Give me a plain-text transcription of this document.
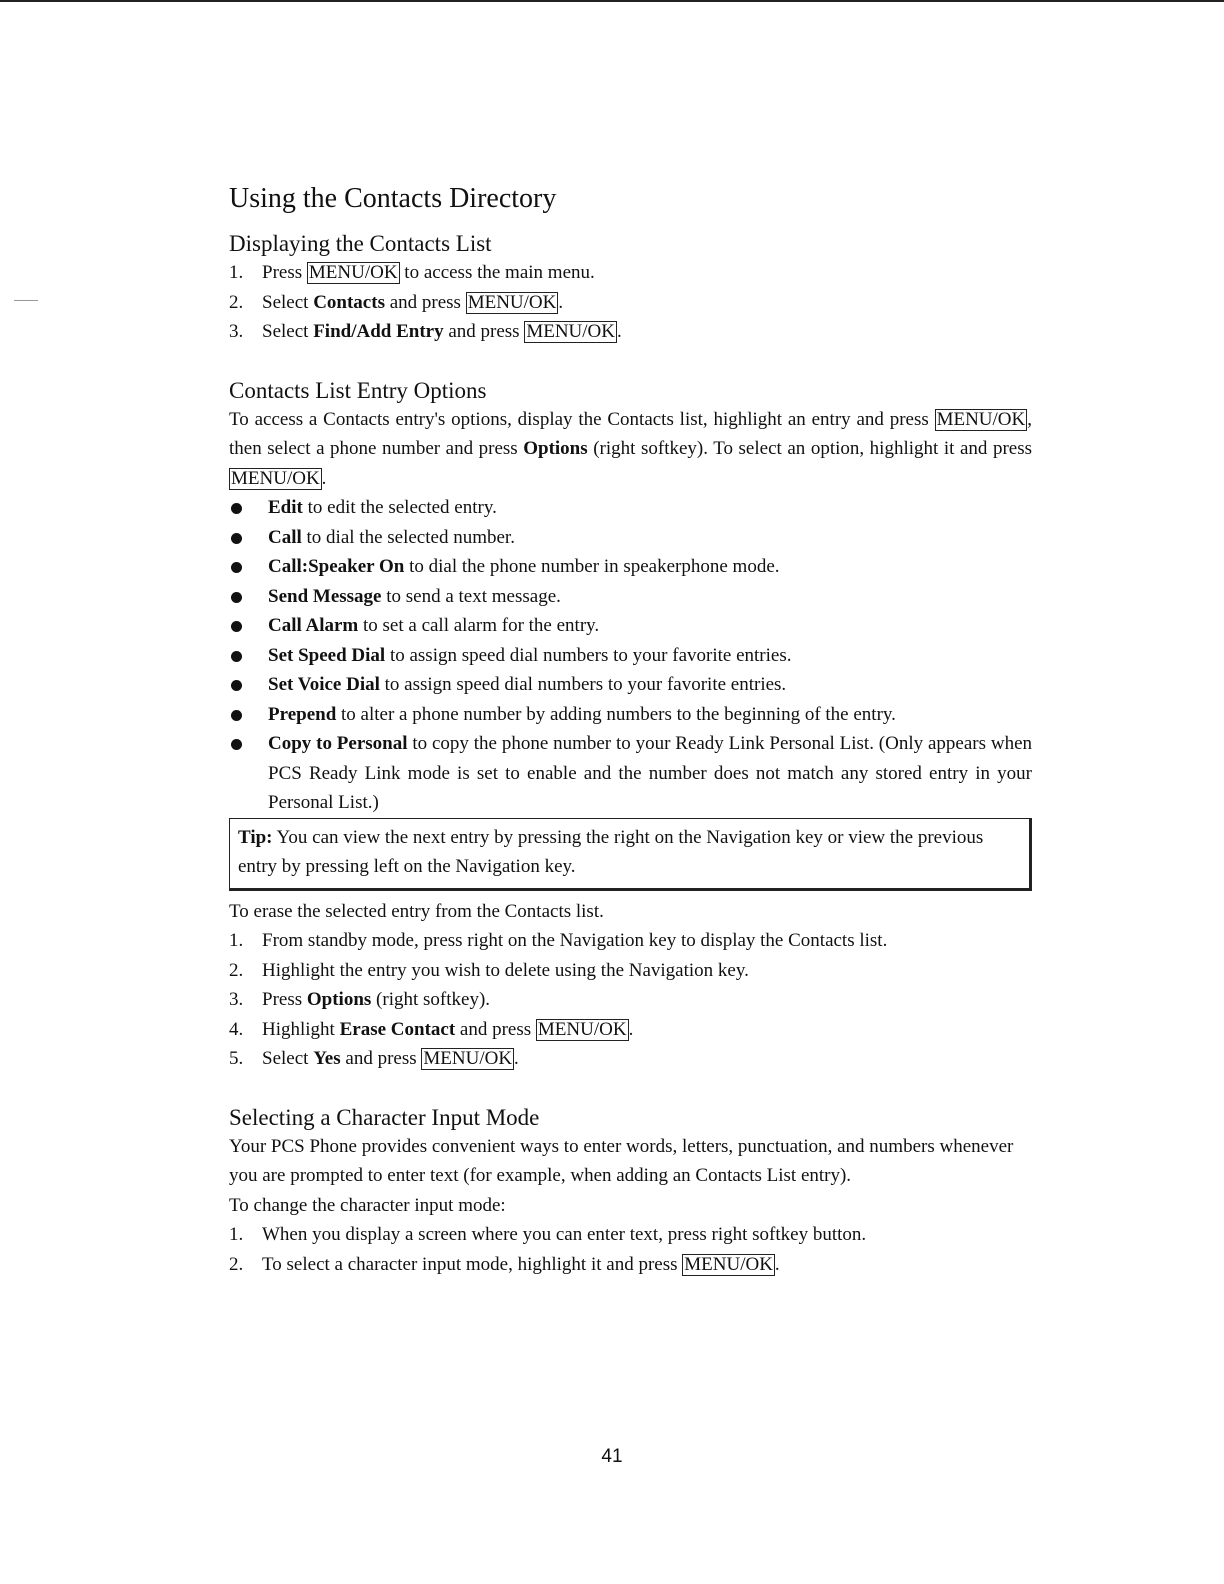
Using the Contacts Directory
Displaying the Contacts List
1. Press MENU/OK to access the main menu.
2. Select Contacts and press MENU/OK .
3. Select Find/Add Entry and press MENU/OK .
Contacts List Entry Options

To access a Contacts entry's options, display the Contacts list, highlight an entry and press MENU/OK , then select a phone number and press Options (right softkey). To select an option, highlight it and press MENU/OK .

Edit to edit the selected entry.
Call to dial the selected number.
Call:Speaker On to dial the phone number in speakerphone mode.
Send Message to send a text message.
Call Alarm to set a call alarm for the entry.
Set Speed Dial to assign speed dial numbers to your favorite entries.
Set Voice Dial to assign speed dial numbers to your favorite entries.
Prepend to alter a phone number by adding numbers to the beginning of the entry.
Copy to Personal to copy the phone number to your Ready Link Personal List. (Only appears when PCS Ready Link mode is set to enable and the number does not match any stored entry in your Personal List.)

Tip: You can view the next entry by pressing the right on the Navigation key or view the previous entry by pressing left on the Navigation key.

To erase the selected entry from the Contacts list.

1. From standby mode, press right on the Navigation key to display the Contacts list.
2. Highlight the entry you wish to delete using the Navigation key.
3. Press Options (right softkey).
4. Highlight Erase Contact and press MENU/OK .
5. Select Yes and press MENU/OK .
Selecting a Character Input Mode

Your PCS Phone provides convenient ways to enter words, letters, punctuation, and numbers whenever you are prompted to enter text (for example, when adding an Contacts List entry).

To change the character input mode:

1. When you display a screen where you can enter text, press right softkey button.
2. To select a character input mode, highlight it and press MENU/OK .
41
